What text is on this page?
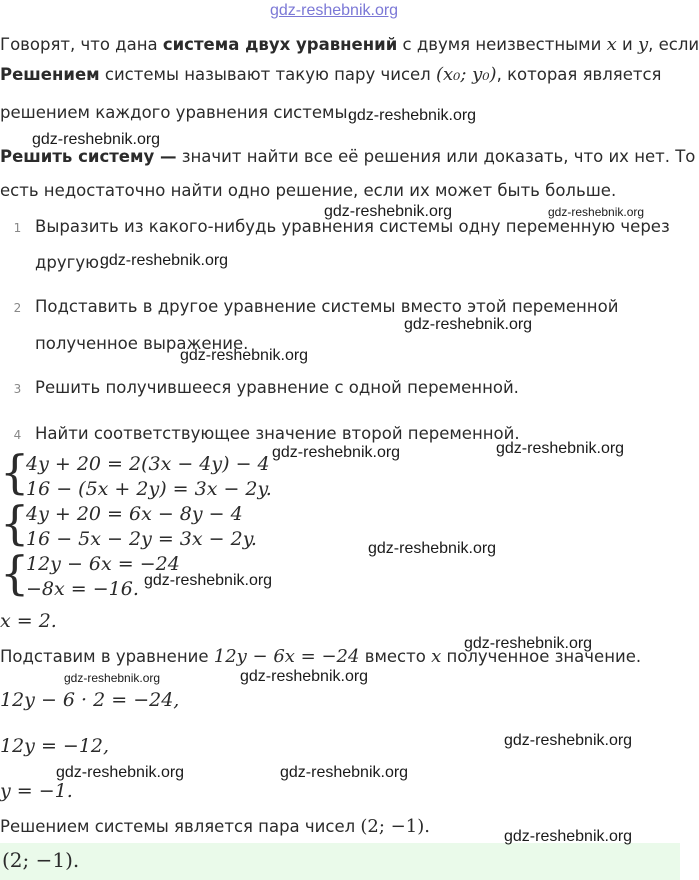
gdz-reshebnik.org
Говорят, что дана система двух уравнений с двумя неизвестными x и y, если
Решением системы называют такую пару чисел (x₀; y₀), которая является
решением каждого уравнения системы.
Решить систему — значит найти все её решения или доказать, что их нет. То
есть недостаточно найти одно решение, если их может быть больше.
1 Выразить из какого-нибудь уравнения системы одну переменную через
другую.
2 Подставить в другое уравнение системы вместо этой переменной
полученное выражение.
3 Решить получившееся уравнение с одной переменной.
4 Найти соответствующее значение второй переменной.
{
4y + 20 = 2(3x − 4y) − 4
16 − (5x + 2y) = 3x − 2y.
{
4y + 20 = 6x − 8y − 4
16 − 5x − 2y = 3x − 2y.
{
12y − 6x = −24
−8x = −16.
x = 2.
Подставим в уравнение 12y − 6x = −24 вместо x полученное значение.
12y − 6 · 2 = −24,
12y = −12,
y = −1.
Решением системы является пара чисел (2; −1).
(2; −1).
gdz-reshebnik.org
gdz-reshebnik.org
gdz-reshebnik.org	gdz-reshebnik.org
gdz-reshebnik.org
gdz-reshebnik.org
gdz-reshebnik.org
gdz-reshebnik.org	gdz-reshebnik.org
gdz-reshebnik.org
gdz-reshebnik.org
gdz-reshebnik.org
gdz-reshebnik.org	gdz-reshebnik.org
gdz-reshebnik.org
gdz-reshebnik.org	gdz-reshebnik.org
gdz-reshebnik.org
